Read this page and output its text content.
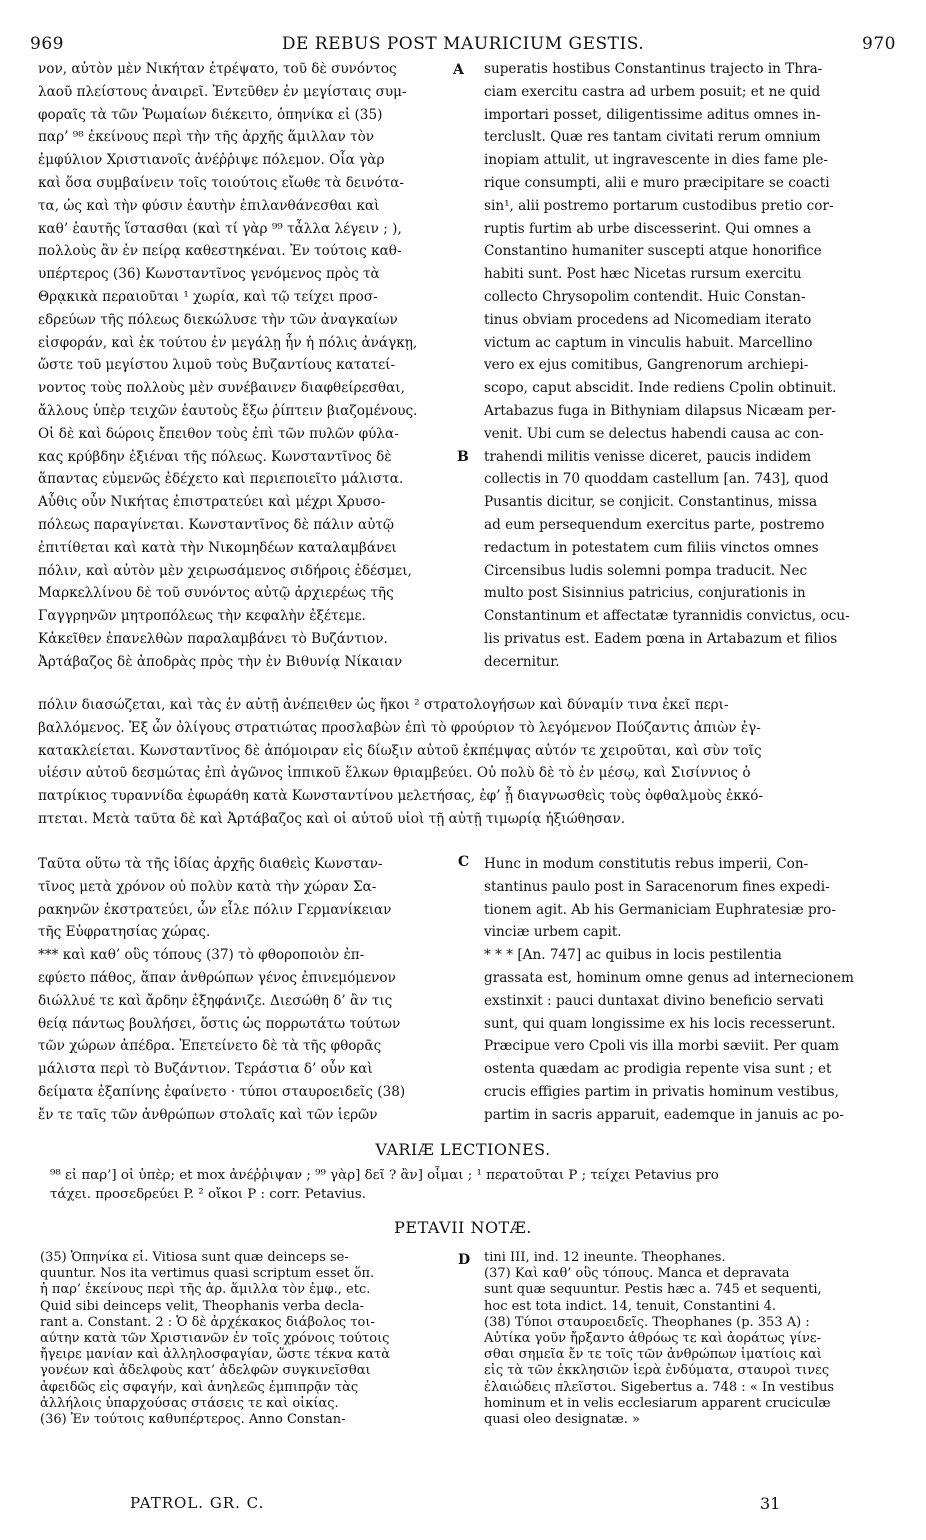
969	DE REBUS POST MAURICIUM GESTIS.	970
νον, αὐτὸν μὲν Νικήταν ἐτρέψατο, τοῦ δὲ συνόντος
λαοῦ πλείστους ἀναιρεῖ. Ἐντεῦθεν ἐν μεγίσταις συμ-
φοραῖς τὰ τῶν Ῥωμαίων διέκειτο, ὁπηνίκα εἰ (35)
παρ’ ⁹⁸ ἐκείνους περὶ τὴν τῆς ἀρχῆς ἅμιλλαν τὸν
ἐμφύλιον Χριστιανοῖς ἀνέῤῥιψε πόλεμον. Οἷα γὰρ
καὶ ὅσα συμβαίνειν τοῖς τοιούτοις εἴωθε τὰ δεινότα-
τα, ὡς καὶ τὴν φύσιν ἑαυτὴν ἐπιλανθάνεσθαι καὶ
καθ’ ἑαυτῆς ἵστασθαι (καὶ τί γὰρ ⁹⁹ τἆλλα λέγειν ; ),
πολλοὺς ἂν ἐν πείρᾳ καθεστηκέναι. Ἐν τούτοις καθ-
υπέρτερος (36) Κωνσταντῖνος γενόμενος πρὸς τὰ
Θρᾳκικὰ περαιοῦται ¹ χωρία, καὶ τῷ τείχει προσ-
εδρεύων τῆς πόλεως διεκώλυσε τὴν τῶν ἀναγκαίων
εἰσφοράν, καὶ ἐκ τούτου ἐν μεγάλῃ ἦν ἡ πόλις ἀνάγκῃ,
ὥστε τοῦ μεγίστου λιμοῦ τοὺς Βυζαντίους κατατεί-
νοντος τοὺς πολλοὺς μὲν συνέβαινεν διαφθείρεσθαι,
ἄλλους ὑπὲρ τειχῶν ἑαυτοὺς ἔξω ῥίπτειν βιαζομένους.
Οἱ δὲ καὶ δώροις ἔπειθον τοὺς ἐπὶ τῶν πυλῶν φύλα-
κας κρύβδην ἐξιέναι τῆς πόλεως. Κωνσταντῖνος δὲ
ἅπαντας εὐμενῶς ἐδέχετο καὶ περιεποιεῖτο μάλιστα.
Αὖθις οὖν Νικήτας ἐπιστρατεύει καὶ μέχρι Χρυσο-
πόλεως παραγίνεται. Κωνσταντῖνος δὲ πάλιν αὐτῷ
ἐπιτίθεται καὶ κατὰ τὴν Νικομηδέων καταλαμβάνει
πόλιν, καὶ αὐτὸν μὲν χειρωσάμενος σιδήροις ἐδέσμει,
Μαρκελλίνου δὲ τοῦ συνόντος αὐτῷ ἀρχιερέως τῆς
Γαγγρηνῶν μητροπόλεως τὴν κεφαλὴν ἐξέτεμε.
Κἀκεῖθεν ἐπανελθὼν παραλαμβάνει τὸ Βυζάντιον.
Ἀρτάβαζος δὲ ἀποδρὰς πρὸς τὴν ἐν Βιθυνίᾳ Νίκαιαν
superatis hostibus Constantinus trajecto in Thra-
ciam exercitu castra ad urbem posuit; et ne quid
importari posset, diligentissime aditus omnes in-
tercluslt. Quæ res tantam civitati rerum omnium
inopiam attulit, ut ingravescente in dies fame ple-
rique consumpti, alii e muro præcipitare se coacti
sin¹, alii postremo portarum custodibus pretio cor-
ruptis furtim ab urbe discesserint. Qui omnes a
Constantino humaniter suscepti atque honorifice
habiti sunt. Post hæc Nicetas rursum exercitu
collecto Chrysopolim contendit. Huic Constan-
tinus obviam procedens ad Nicomediam iterato
victum ac captum in vinculis habuit. Marcellino
vero ex ejus comitibus, Gangrenorum archiepi-
scopo, caput abscidit. Inde rediens Cpolin obtinuit.
Artabazus fuga in Bithyniam dilapsus Nicæam per-
venit. Ubi cum se delectus habendi causa ac con-
trahendi militis venisse diceret, paucis indidem
collectis in 70 quoddam castellum [an. 743], quod
Pusantis dicitur, se conjicit. Constantinus, missa
ad eum persequendum exercitus parte, postremo
redactum in potestatem cum filiis vinctos omnes
Circensibus ludis solemni pompa traducit. Nec
multo post Sisinnius patricius, conjurationis in
Constantinum et affectatæ tyrannidis convictus, ocu-
lis privatus est. Eadem pœna in Artabazum et filios
decernitur.
A
B
C
D
πόλιν διασώζεται, καὶ τὰς ἐν αὐτῇ ἀνέπειθεν ὡς ἥκοι ² στρατολογήσων καὶ δύναμίν τινα ἐκεῖ περι-
βαλλόμενος. Ἐξ ὧν ὀλίγους στρατιώτας προσλαβὼν ἐπὶ τὸ φρούριον τὸ λεγόμενον Πούζαντις ἀπιὼν ἐγ-
κατακλείεται. Κωνσταντῖνος δὲ ἀπόμοιραν εἰς δίωξιν αὐτοῦ ἐκπέμψας αὐτόν τε χειροῦται, καὶ σὺν τοῖς
υἱέσιν αὐτοῦ δεσμώτας ἐπὶ ἀγῶνος ἱππικοῦ ἕλκων θριαμβεύει. Οὐ πολὺ δὲ τὸ ἐν μέσῳ, καὶ Σισίννιος ὁ
πατρίκιος τυραννίδα ἐφωράθη κατὰ Κωνσταντίνου μελετήσας, ἐφ’ ᾗ διαγνωσθεὶς τοὺς ὀφθαλμοὺς ἐκκό-
πτεται. Μετὰ ταῦτα δὲ καὶ Ἀρτάβαζος καὶ οἱ αὐτοῦ υἱοὶ τῇ αὐτῇ τιμωρίᾳ ἠξιώθησαν.
Ταῦτα οὕτω τὰ τῆς ἰδίας ἀρχῆς διαθεὶς Κωνσταν-
τῖνος μετὰ χρόνον οὐ πολὺν κατὰ τὴν χώραν Σα-
ρακηνῶν ἐκστρατεύει, ὧν εἷλε πόλιν Γερμανίκειαν
τῆς Εὐφρατησίας χώρας.
*** καὶ καθ’ οὓς τόπους (37) τὸ φθοροποιὸν ἐπ-
εφύετο πάθος, ἅπαν ἀνθρώπων γένος ἐπινεμόμενον
διώλλυέ τε καὶ ἄρδην ἐξηφάνιζε. Διεσώθη δ’ ἂν τις
θείᾳ πάντως βουλήσει, ὅστις ὡς πορρωτάτω τούτων
τῶν χώρων ἀπέδρα. Ἐπετείνετο δὲ τὰ τῆς φθορᾶς
μάλιστα περὶ τὸ Βυζάντιον. Τεράστια δ’ οὖν καὶ
δείματα ἐξαπίνης ἐφαίνετο · τύποι σταυροειδεῖς (38)
ἔν τε ταῖς τῶν ἀνθρώπων στολαῖς καὶ τῶν ἱερῶν
Hunc in modum constitutis rebus imperii, Con-
stantinus paulo post in Saracenorum fines expedi-
tionem agit. Ab his Germaniciam Euphratesiæ pro-
vinciæ urbem capit.
* * * [An. 747] ac quibus in locis pestilentia
grassata est, hominum omne genus ad internecionem
exstinxit : pauci duntaxat divino beneficio servati
sunt, qui quam longissime ex his locis recesserunt.
Præcipue vero Cpoli vis illa morbi sæviit. Per quam
ostenta quædam ac prodigia repente visa sunt ; et
crucis effigies partim in privatis hominum vestibus,
partim in sacris apparuit, eademque in januis ac po-
VARIÆ LECTIONES.
⁹⁸ εἰ παρ’] οἱ ὑπὲρ; et mox ἀνέῤῥιψαν ; ⁹⁹ γὰρ] δεῖ ? ἂν] οἶμαι ; ¹ περατοῦται P ; τείχει Petavius pro
τάχει. προσεδρεύει P. ² οἴκοι P : corr. Petavius.
PETAVII NOTÆ.
(35) Ὁπηνίκα εἰ. Vitiosa sunt quæ deinceps se-
quuntur. Nos ita vertimus quasi scriptum esset ὅπ.
ἡ παρ’ ἐκείνους περὶ τῆς ἀρ. ἅμιλλα τὸν ἐμφ., etc.
Quid sibi deinceps velit, Theophanis verba decla-
rant a. Constant. 2 : Ὁ δὲ ἀρχέκακος διάβολος τοι-
αύτην κατὰ τῶν Χριστιανῶν ἐν τοῖς χρόνοις τούτοις
ἤγειρε μανίαν καὶ ἀλληλοσφαγίαν, ὥστε τέκνα κατὰ
γονέων καὶ ἀδελφοὺς κατ’ ἀδελφῶν συγκινεῖσθαι
ἀφειδῶς εἰς σφαγήν, καὶ ἀνηλεῶς ἐμπιπρᾷν τὰς
ἀλλήλοις ὑπαρχούσας στάσεις τε καὶ οἰκίας.
(36) Ἐν τούτοις καθυπέρτερος. Anno Constan-
tini III, ind. 12 ineunte. Theophanes.
(37) Καὶ καθ’ οὓς τόπους. Manca et depravata
sunt quæ sequuntur. Pestis hæc a. 745 et sequenti,
hoc est tota indict. 14, tenuit, Constantini 4.
(38) Τύποι σταυροειδεῖς. Theophanes (p. 353 A) :
Αὐτίκα γοῦν ἤρξαντο ἀθρόως τε καὶ ἀοράτως γίνε-
σθαι σημεῖα ἔν τε τοῖς τῶν ἀνθρώπων ἱματίοις καὶ
εἰς τὰ τῶν ἐκκλησιῶν ἱερὰ ἐνδύματα, σταυροὶ τινες
ἐλαιώδεις πλεῖστοι. Sigebertus a. 748 : « In vestibus
hominum et in velis ecclesiarum apparent cruciculæ
quasi oleo designatæ. »
PATROL. GR. C.	31
